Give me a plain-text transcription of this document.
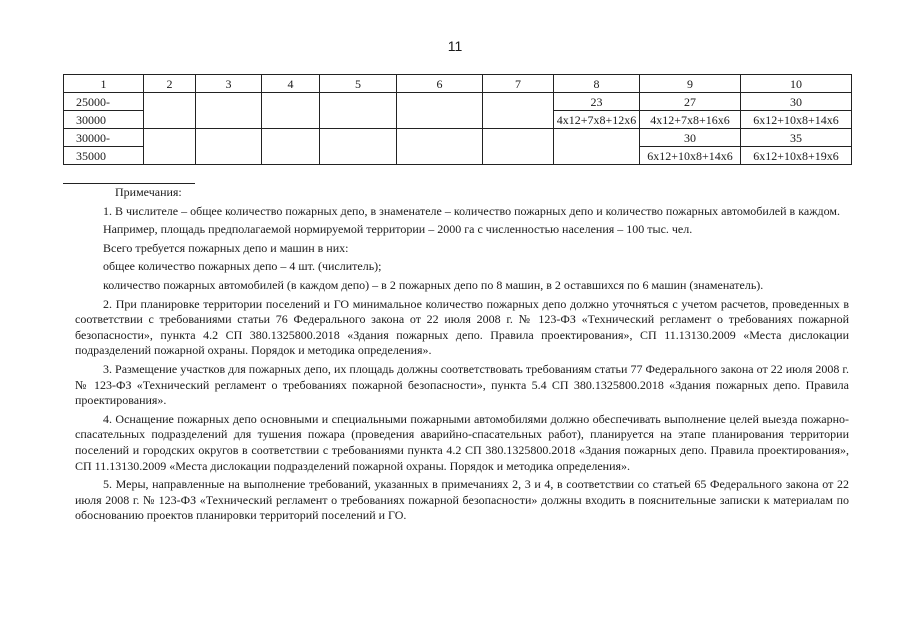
11
1	2	3	4	5	6	7	8	9	10
25000-							23	27	30
30000							4x12+7x8+12x6	4x12+7x8+16x6	6x12+10x8+14x6
30000-								30	35
35000								6x12+10x8+14x6	6x12+10x8+19x6
Примечания:

1. В числителе – общее количество пожарных депо, в знаменателе – количество пожарных депо и количество пожарных автомобилей в каждом.

Например, площадь предполагаемой нормируемой территории – 2000 га с численностью населения – 100 тыс. чел.

Всего требуется пожарных депо и машин в них:

общее количество пожарных депо – 4 шт. (числитель);

количество пожарных автомобилей (в каждом депо) – в 2 пожарных депо по 8 машин, в 2 оставшихся по 6 машин (знаменатель).

2. При планировке территории поселений и ГО минимальное количество пожарных депо должно уточняться с учетом расчетов, проведенных в соответствии с требованиями статьи 76 Федерального закона от 22 июля 2008 г. № 123-ФЗ «Технический регламент о требованиях пожарной безопасности», пункта 4.2 СП 380.1325800.2018 «Здания пожарных депо. Правила проектирования», СП 11.13130.2009 «Места дислокации подразделений пожарной охраны. Порядок и методика определения».

3. Размещение участков для пожарных депо, их площадь должны соответствовать требованиям статьи 77 Федерального закона от 22 июля 2008 г. № 123-ФЗ «Технический регламент о требованиях пожарной безопасности», пункта 5.4 СП 380.1325800.2018 «Здания пожарных депо. Правила проектирования».

4. Оснащение пожарных депо основными и специальными пожарными автомобилями должно обеспечивать выполнение целей выезда пожарно-спасательных подразделений для тушения пожара (проведения аварийно-спасательных работ), планируется на этапе планирования территории поселений и городских округов в соответствии с требованиями пункта 4.2 СП 380.1325800.2018 «Здания пожарных депо. Правила проектирования», СП 11.13130.2009 «Места дислокации подразделений пожарной охраны. Порядок и методика определения».

5. Меры, направленные на выполнение требований, указанных в примечаниях 2, 3 и 4, в соответствии со статьей 65 Федерального закона от 22 июля 2008 г. № 123-ФЗ «Технический регламент о требованиях пожарной безопасности» должны входить в пояснительные записки к материалам по обоснованию проектов планировки территорий поселений и ГО.
